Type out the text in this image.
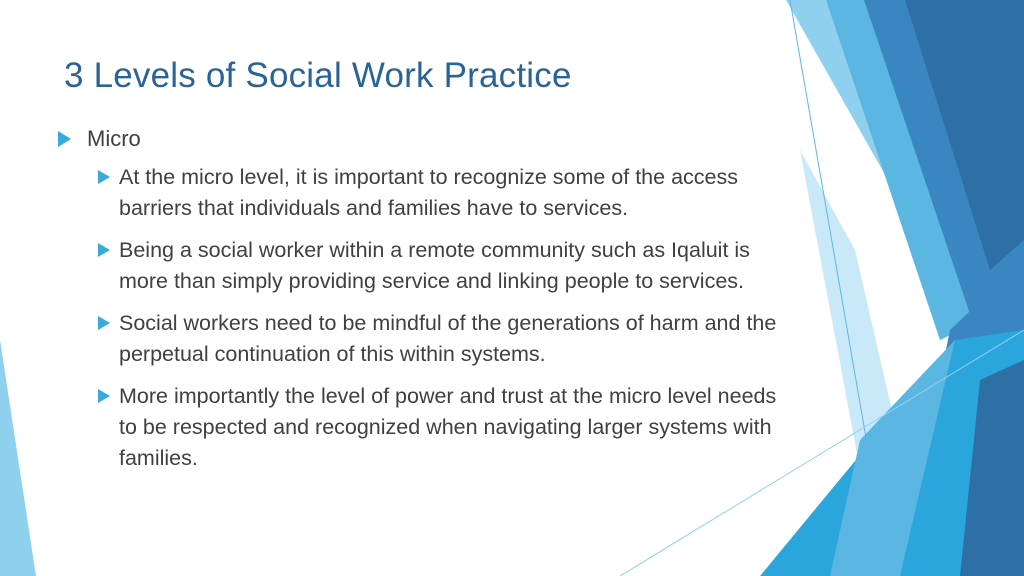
3 Levels of Social Work Practice
Micro
At the micro level, it is important to recognize some of the access barriers that individuals and families have to services.
Being a social worker within a remote community such as Iqaluit is more than simply providing service and linking people to services.
Social workers need to be mindful of the generations of harm and the perpetual continuation of this within systems.
More importantly the level of power and trust at the micro level needs to be respected and recognized when navigating larger systems with families.
